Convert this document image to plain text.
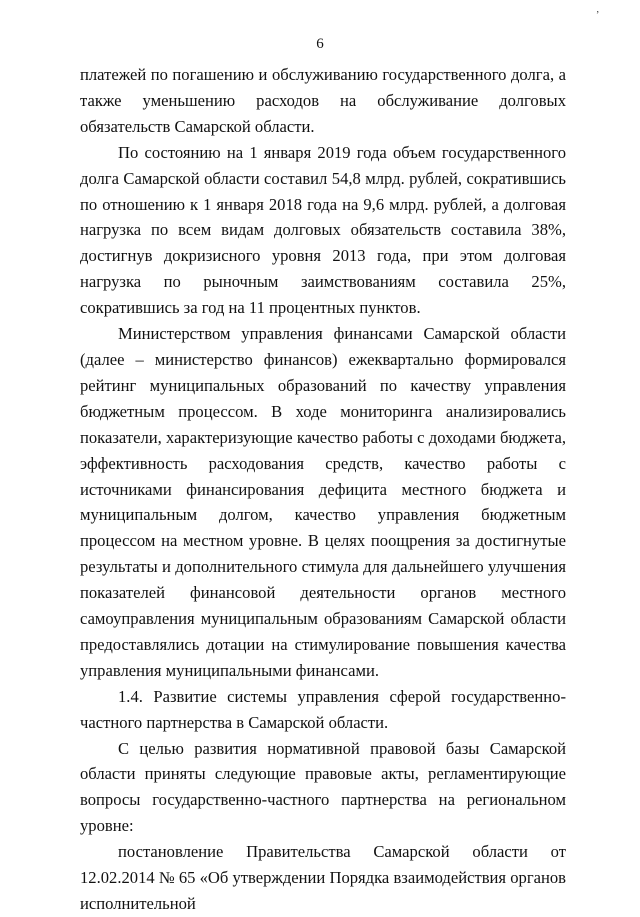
’
6

платежей по погашению и обслуживанию государственного долга, а также уменьшению расходов на обслуживание долговых обязательств Самарской области.

По состоянию на 1 января 2019 года объем государственного долга Самарской области составил 54,8 млрд. рублей, сократившись по отношению к 1 января 2018 года на 9,6 млрд. рублей, а долговая нагрузка по всем видам долговых обязательств составила 38%, достигнув докризисного уровня 2013 года, при этом долговая нагрузка по рыночным заимствованиям составила 25%, сократившись за год на 11 процентных пунктов.

Министерством управления финансами Самарской области (далее – министерство финансов) ежеквартально формировался рейтинг муниципальных образований по качеству управления бюджетным процессом. В ходе мониторинга анализировались показатели, характеризующие качество работы с доходами бюджета, эффективность расходования средств, качество работы с источниками финансирования дефицита местного бюджета и муниципальным долгом, качество управления бюджетным процессом на местном уровне. В целях поощрения за достигнутые результаты и дополнительного стимула для дальнейшего улучшения показателей финансовой деятельности органов местного самоуправления муниципальным образованиям Самарской области предоставлялись дотации на стимулирование повышения качества управления муниципальными финансами.

1.4. Развитие системы управления сферой государственно-частного партнерства в Самарской области.

С целью развития нормативной правовой базы Самарской области приняты следующие правовые акты, регламентирующие вопросы государственно-частного партнерства на региональном уровне:

постановление Правительства Самарской области от 12.02.2014 № 65 «Об утверждении Порядка взаимодействия органов исполнительной
